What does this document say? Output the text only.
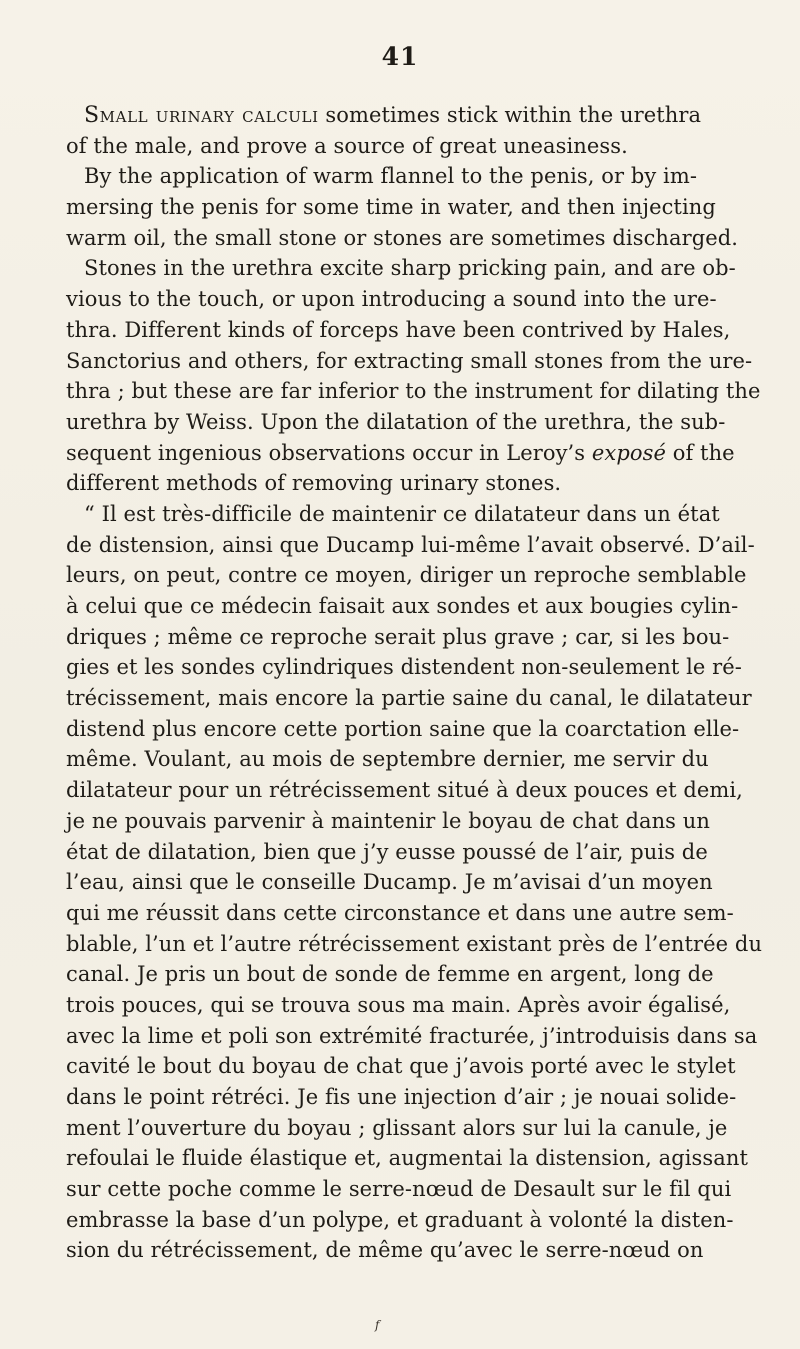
41

Small urinary calculi sometimes stick within the urethra
of the male, and prove a source of great uneasiness.

By the application of warm flannel to the penis, or by im-
mersing the penis for some time in water, and then injecting
warm oil, the small stone or stones are sometimes discharged.

Stones in the urethra excite sharp pricking pain, and are ob-
vious to the touch, or upon introducing a sound into the ure-
thra. Different kinds of forceps have been contrived by Hales,
Sanctorius and others, for extracting small stones from the ure-
thra ; but these are far inferior to the instrument for dilating the
urethra by Weiss. Upon the dilatation of the urethra, the sub-
sequent ingenious observations occur in Leroy’s exposé of the
different methods of removing urinary stones.

“ Il est très-difficile de maintenir ce dilatateur dans un état
de distension, ainsi que Ducamp lui-même l’avait observé. D’ail-
leurs, on peut, contre ce moyen, diriger un reproche semblable
à celui que ce médecin faisait aux sondes et aux bougies cylin-
driques ; même ce reproche serait plus grave ; car, si les bou-
gies et les sondes cylindriques distendent non-seulement le ré-
trécissement, mais encore la partie saine du canal, le dilatateur
distend plus encore cette portion saine que la coarctation elle-
même. Voulant, au mois de septembre dernier, me servir du
dilatateur pour un rétrécissement situé à deux pouces et demi,
je ne pouvais parvenir à maintenir le boyau de chat dans un
état de dilatation, bien que j’y eusse poussé de l’air, puis de
l’eau, ainsi que le conseille Ducamp. Je m’avisai d’un moyen
qui me réussit dans cette circonstance et dans une autre sem-
blable, l’un et l’autre rétrécissement existant près de l’entrée du
canal. Je pris un bout de sonde de femme en argent, long de
trois pouces, qui se trouva sous ma main. Après avoir égalisé,
avec la lime et poli son extrémité fracturée, j’introduisis dans sa
cavité le bout du boyau de chat que j’avois porté avec le stylet
dans le point rétréci. Je fis une injection d’air ; je nouai solide-
ment l’ouverture du boyau ; glissant alors sur lui la canule, je
refoulai le fluide élastique et, augmentai la distension, agissant
sur cette poche comme le serre-nœud de Desault sur le fil qui
embrasse la base d’un polype, et graduant à volonté la disten-
sion du rétrécissement, de même qu’avec le serre-nœud on

f
